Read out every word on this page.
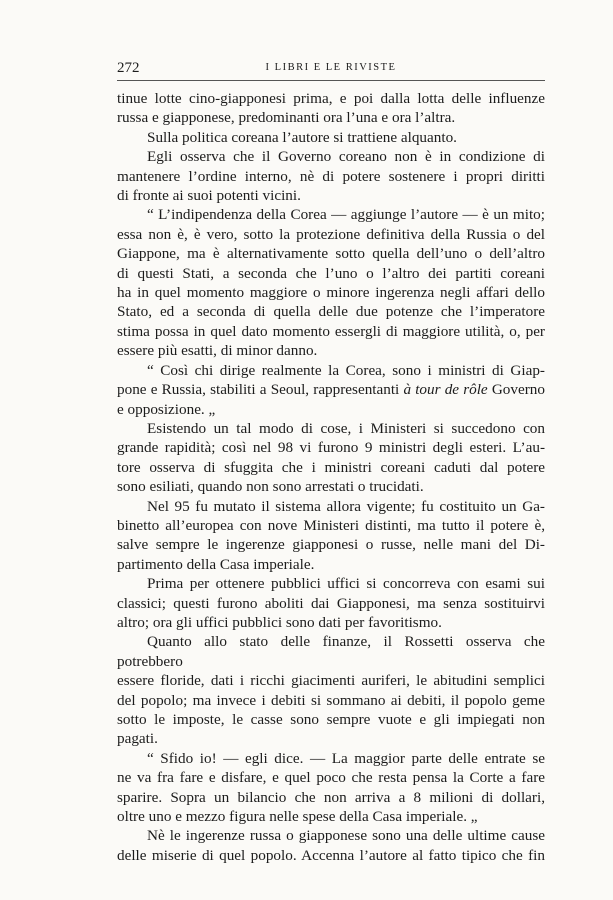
272	I LIBRI E LE RIVISTE

tinue lotte cino-giapponesi prima, e poi dalla lotta delle influenze

russa e giapponese, predominanti ora l’una e ora l’altra.

Sulla politica coreana l’autore si trattiene alquanto.

Egli osserva che il Governo coreano non è in condizione di

mantenere l’ordine interno, nè di potere sostenere i propri diritti

di fronte ai suoi potenti vicini.

“ L’indipendenza della Corea — aggiunge l’autore — è un mito;

essa non è, è vero, sotto la protezione definitiva della Russia o del

Giappone, ma è alternativamente sotto quella dell’uno o dell’altro

di questi Stati, a seconda che l’uno o l’altro dei partiti coreani

ha in quel momento maggiore o minore ingerenza negli affari dello

Stato, ed a seconda di quella delle due potenze che l’imperatore

stima possa in quel dato momento essergli di maggiore utilità, o, per

essere più esatti, di minor danno.

“ Così chi dirige realmente la Corea, sono i ministri di Giap-

pone e Russia, stabiliti a Seoul, rappresentanti à tour de rôle Governo

e opposizione. „

Esistendo un tal modo di cose, i Ministeri si succedono con

grande rapidità; così nel 98 vi furono 9 ministri degli esteri. L’au-

tore osserva di sfuggita che i ministri coreani caduti dal potere

sono esiliati, quando non sono arrestati o trucidati.

Nel 95 fu mutato il sistema allora vigente; fu costituito un Ga-

binetto all’europea con nove Ministeri distinti, ma tutto il potere è,

salve sempre le ingerenze giapponesi o russe, nelle mani del Di-

partimento della Casa imperiale.

Prima per ottenere pubblici uffici si concorreva con esami sui

classici; questi furono aboliti dai Giapponesi, ma senza sostituirvi

altro; ora gli uffici pubblici sono dati per favoritismo.

Quanto allo stato delle finanze, il Rossetti osserva che potrebbero

essere floride, dati i ricchi giacimenti auriferi, le abitudini semplici

del popolo; ma invece i debiti si sommano ai debiti, il popolo geme

sotto le imposte, le casse sono sempre vuote e gli impiegati non

pagati.

“ Sfido io! — egli dice. — La maggior parte delle entrate se

ne va fra fare e disfare, e quel poco che resta pensa la Corte a fare

sparire. Sopra un bilancio che non arriva a 8 milioni di dollari,

oltre uno e mezzo figura nelle spese della Casa imperiale. „

Nè le ingerenze russa o giapponese sono una delle ultime cause

delle miserie di quel popolo. Accenna l’autore al fatto tipico che fin
